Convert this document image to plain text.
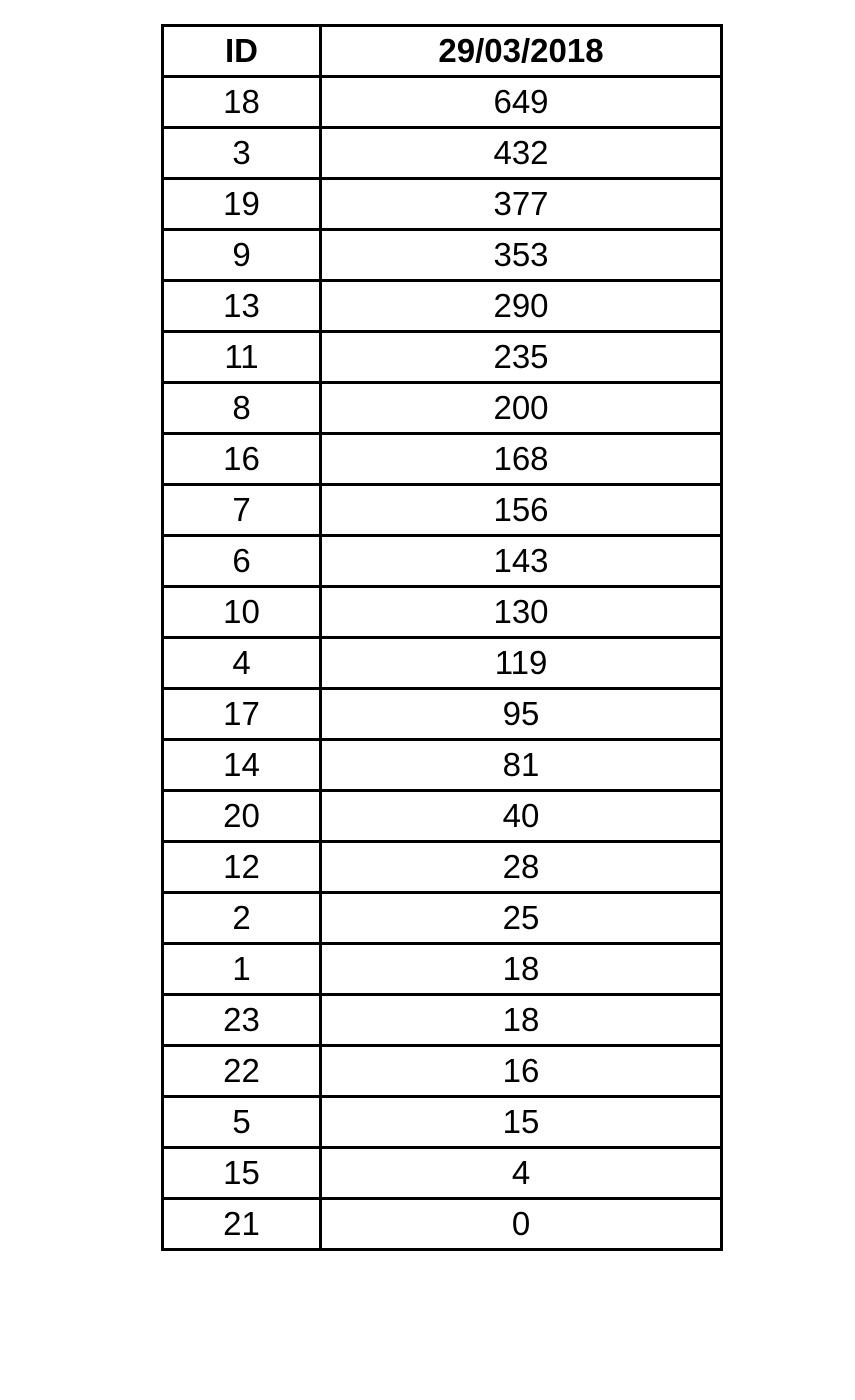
ID	29/03/2018
18	649
3	432
19	377
9	353
13	290
11	235
8	200
16	168
7	156
6	143
10	130
4	119
17	95
14	81
20	40
12	28
2	25
1	18
23	18
22	16
5	15
15	4
21	0
